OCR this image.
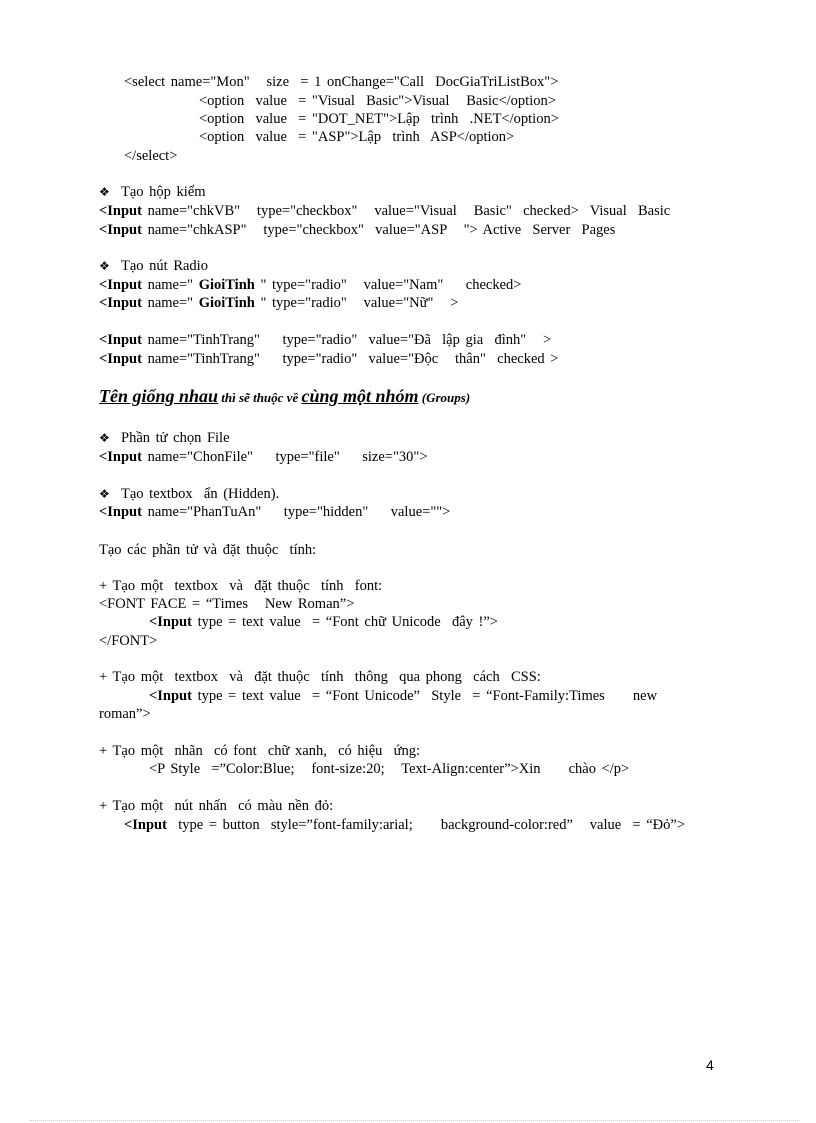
<select name="Mon"   size  = 1 onChange="Call  DocGiaTriListBox">
<option  value  = "Visual  Basic">Visual   Basic</option>
<option  value  = "DOT_NET">Lập  trình  .NET</option>
<option  value  = "ASP">Lập  trình  ASP</option>
</select>
❖ Tạo hộp kiểm
<Input name="chkVB"   type="checkbox"   value="Visual   Basic"  checked>  Visual  Basic
<Input name="chkASP"   type="checkbox"  value="ASP   "> Active  Server  Pages
❖ Tạo nút Radio
<Input name=" GioiTinh " type="radio"   value="Nam"    checked>
<Input name=" GioiTinh " type="radio"   value="Nữ"   >
<Input name="TinhTrang"    type="radio"  value="Đã  lập gia  đình"   >
<Input name="TinhTrang"    type="radio"  value="Độc   thân"  checked >
Tên giống nhau thì sẽ thuộc về cùng một nhóm (Groups)
❖ Phần tử chọn File
<Input name="ChonFile"    type="file"    size="30">
❖ Tạo textbox  ẩn (Hidden).
<Input name="PhanTuAn"    type="hidden"    value="">
Tạo các phần tử và đặt thuộc  tính:
+ Tạo một  textbox  và  đặt thuộc  tính  font:
<FONT FACE = “Times   New Roman”>
<Input type = text value  = “Font chữ Unicode  đây !”>
</FONT>
+ Tạo một  textbox  và  đặt thuộc  tính  thông  qua phong  cách  CSS:
<Input type = text value  = “Font Unicode”  Style  = “Font-Family:Times     new
roman”>
+ Tạo một  nhãn  có font  chữ xanh,  có hiệu  ứng:
<P Style  =”Color:Blue;   font-size:20;   Text-Align:center”>Xin     chào </p>
+ Tạo một  nút nhấn  có màu nền đỏ:
<Input  type = button  style=”font-family:arial;     background-color:red”   value  = “Đỏ”>
4
